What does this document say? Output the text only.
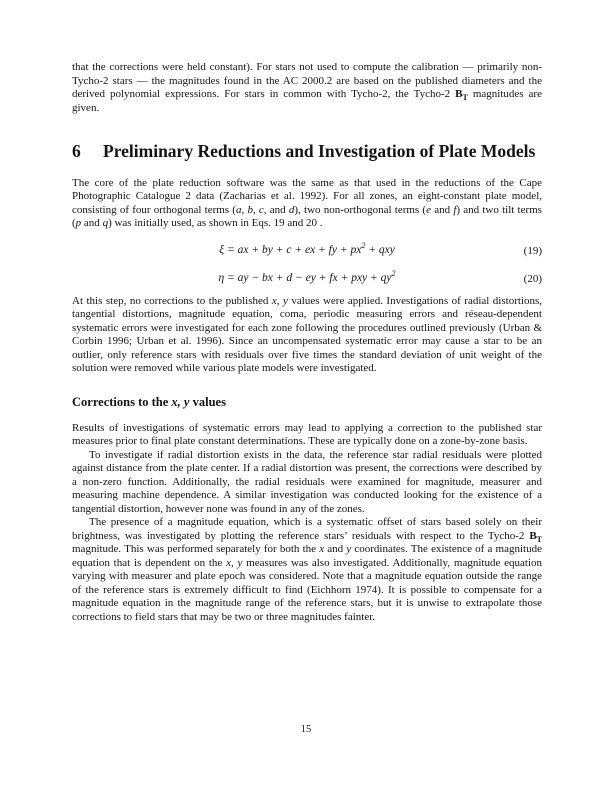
that the corrections were held constant). For stars not used to compute the calibration — primarily non-Tycho-2 stars — the magnitudes found in the AC 2000.2 are based on the published diameters and the derived polynomial expressions. For stars in common with Tycho-2, the Tycho-2 $B_T$ magnitudes are given.

6	Preliminary Reductions and Investigation of Plate Models

The core of the plate reduction software was the same as that used in the reductions of the Cape Photographic Catalogue 2 data (Zacharias et al. 1992). For all zones, an eight-constant plate model, consisting of four orthogonal terms (a, b, c, and d), two non-orthogonal terms (e and f) and two tilt terms (p and q) was initially used, as shown in Eqs. 19 and 20 .

ξ = ax + by + c + ex + fy + $px^2$ + qxy	(19)
η = ay − bx + d − ey + fx + pxy + $qy^2$	(20)

At this step, no corrections to the published x, y values were applied. Investigations of radial distortions, tangential distortions, magnitude equation, coma, periodic measuring errors and réseau-dependent systematic errors were investigated for each zone following the procedures outlined previously (Urban & Corbin 1996; Urban et al. 1996). Since an uncompensated systematic error may cause a star to be an outlier, only reference stars with residuals over five times the standard deviation of unit weight of the solution were removed while various plate models were investigated.

Corrections to the x, y values

Results of investigations of systematic errors may lead to applying a correction to the published star measures prior to final plate constant determinations. These are typically done on a zone-by-zone basis.

To investigate if radial distortion exists in the data, the reference star radial residuals were plotted against distance from the plate center. If a radial distortion was present, the corrections were described by a non-zero function. Additionally, the radial residuals were examined for magnitude, measurer and measuring machine dependence. A similar investigation was conducted looking for the existence of a tangential distortion, however none was found in any of the zones.

The presence of a magnitude equation, which is a systematic offset of stars based solely on their brightness, was investigated by plotting the reference stars’ residuals with respect to the Tycho-2 $B_T$ magnitude. This was performed separately for both the x and y coordinates. The existence of a magnitude equation that is dependent on the x, y measures was also investigated. Additionally, magnitude equation varying with measurer and plate epoch was considered. Note that a magnitude equation outside the range of the reference stars is extremely difficult to find (Eichhorn 1974). It is possible to compensate for a magnitude equation in the magnitude range of the reference stars, but it is unwise to extrapolate those corrections to field stars that may be two or three magnitudes fainter.

15
